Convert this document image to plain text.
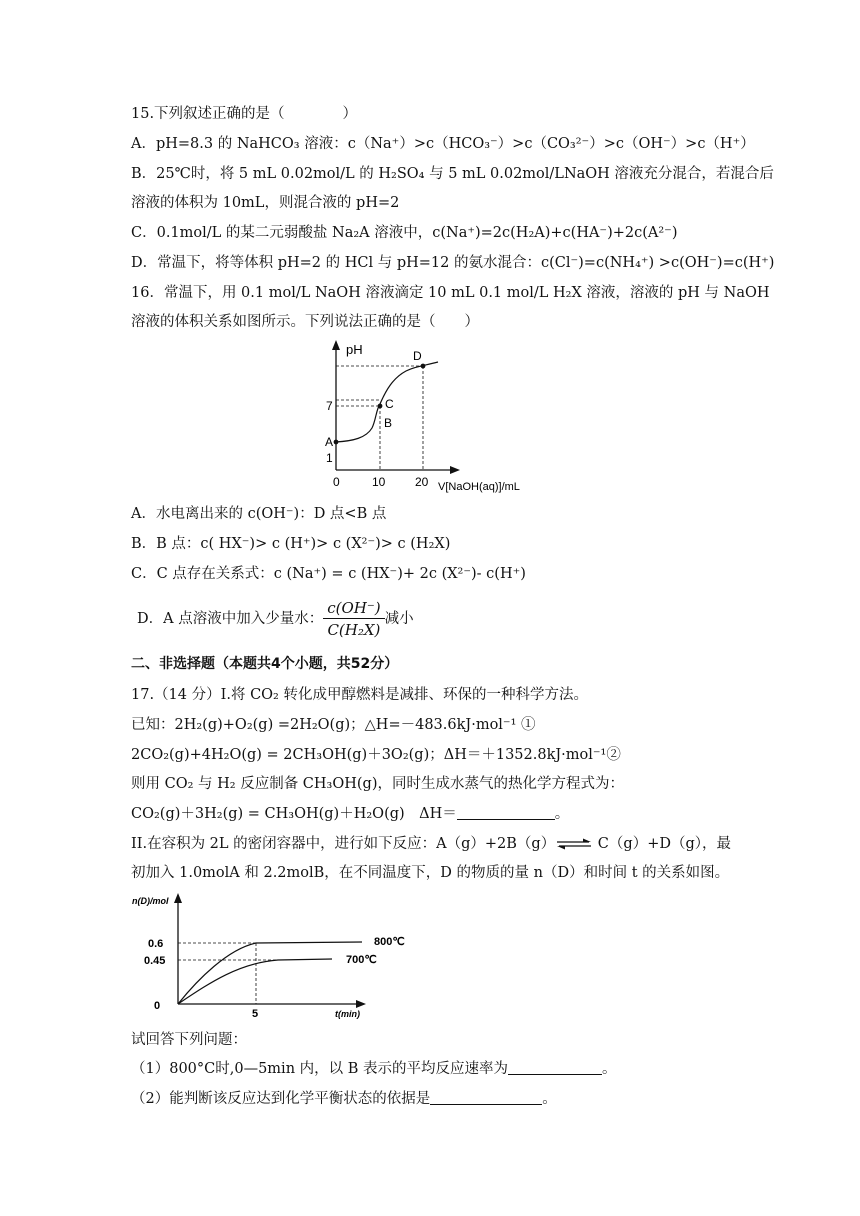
15.下列叙述正确的是（　　　　）
A．pH=8.3 的 NaHCO₃ 溶液：c（Na⁺）>c（HCO₃⁻）>c（CO₃²⁻）>c（OH⁻）>c（H⁺）
B．25℃时，将 5 mL 0.02mol/L 的 H₂SO₄ 与 5 mL 0.02mol/LNaOH 溶液充分混合，若混合后
溶液的体积为 10mL，则混合液的 pH=2
C．0.1mol/L 的某二元弱酸盐 Na₂A 溶液中，c(Na⁺)=2c(H₂A)+c(HA⁻)+2c(A²⁻)
D．常温下，将等体积 pH=2 的 HCl 与 pH=12 的氨水混合：c(Cl⁻)=c(NH₄⁺) >c(OH⁻)=c(H⁺)
16．常温下，用 0.1 mol/L NaOH 溶液滴定 10 mL 0.1 mol/L H₂X 溶液，溶液的 pH 与 NaOH
溶液的体积关系如图所示。下列说法正确的是（　　）
pH
7
1
A
B
C
D
0	10 20 V[NaOH(aq)]/mL
A．水电离出来的 c(OH⁻)：D 点<B 点
B．B 点：c( HX⁻)> c (H⁺)> c (X²⁻)> c (H₂X)
C．C 点存在关系式：c (Na⁺) = c (HX⁻)+ 2c (X²⁻)- c(H⁺)
D．A 点溶液中加入少量水： $\frac{c(OH^-)}{\text{C(H₂X)}}$ 减小
二、非选择题（本题共4个小题，共52分）
17.（14 分）I.将 CO₂ 转化成甲醇燃料是减排、环保的一种科学方法。
已知：2H₂(g)+O₂(g) =2H₂O(g)；△H=－483.6kJ·mol⁻¹ ①
2CO₂(g)+4H₂O(g) = 2CH₃OH(g)＋3O₂(g)；ΔH＝＋1352.8kJ·mol⁻¹②
则用 CO₂ 与 H₂ 反应制备 CH₃OH(g)，同时生成水蒸气的热化学方程式为：
CO₂(g)＋3H₂(g) = CH₃OH(g)＋H₂O(g)　ΔH＝	。
II.在容积为 2L 的密闭容器中，进行如下反应：A（g）+2B（g）⇌ C（g）+D（g），最
初加入 1.0molA 和 2.2molB，在不同温度下，D 的物质的量 n（D）和时间 t 的关系如图。
n(D)/mol
0.6
0.45
0
5	t(min)
800℃
700℃
试回答下列问题：
（1）800°C时,0—5min 内，以 B 表示的平均反应速率为	。
（2）能判断该反应达到化学平衡状态的依据是	。
